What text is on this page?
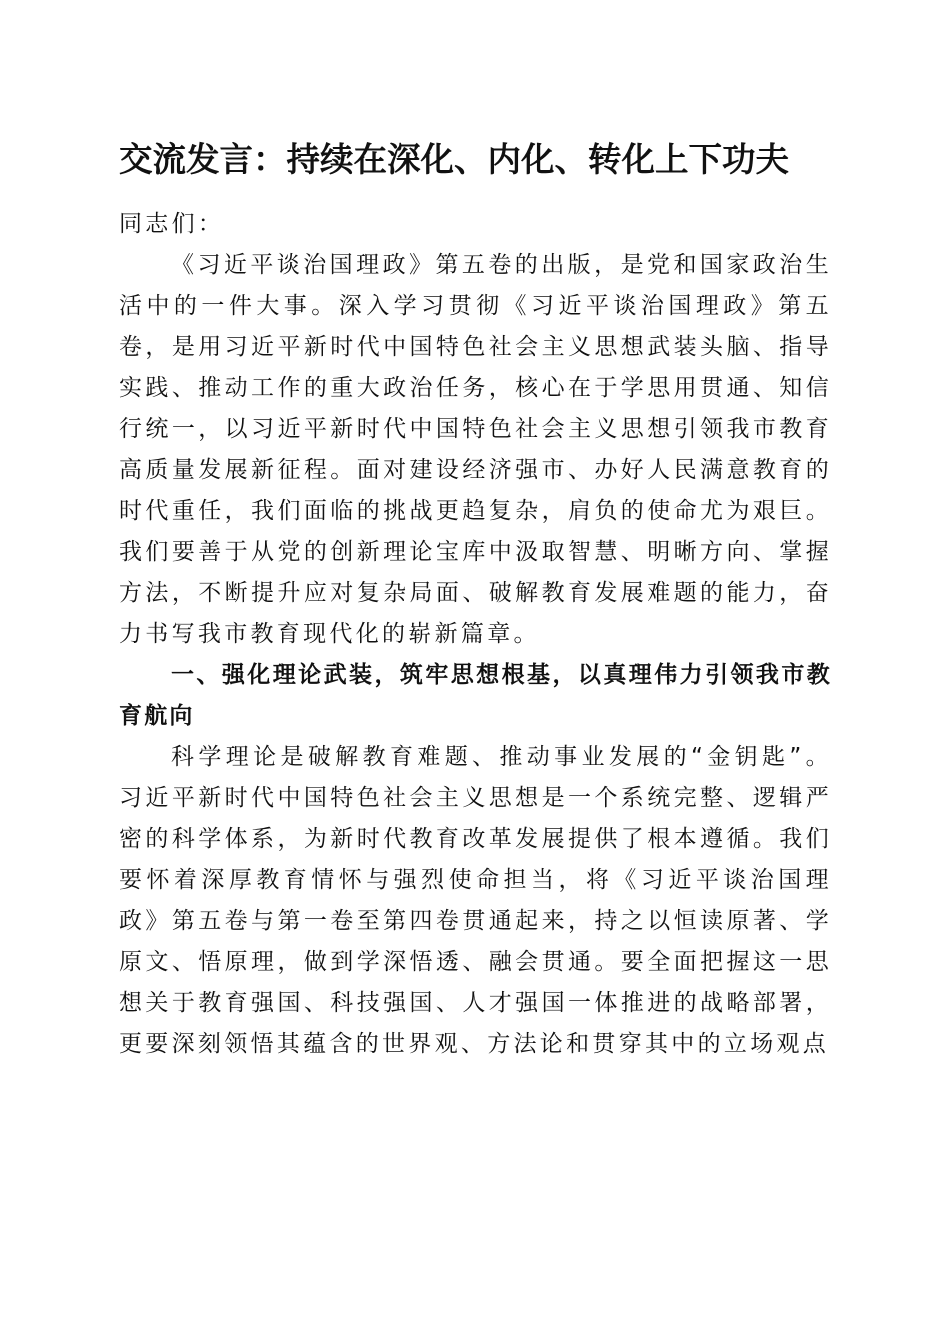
交流发言：持续在深化、内化、转化上下功夫

同志们：

《习近平谈治国理政》第五卷的出版，是党和国家政治生活中的一件大事。深入学习贯彻《习近平谈治国理政》第五卷，是用习近平新时代中国特色社会主义思想武装头脑、指导实践、推动工作的重大政治任务，核心在于学思用贯通、知信行统一，以习近平新时代中国特色社会主义思想引领我市教育高质量发展新征程。面对建设经济强市、办好人民满意教育的时代重任，我们面临的挑战更趋复杂，肩负的使命尤为艰巨。我们要善于从党的创新理论宝库中汲取智慧、明晰方向、掌握方法，不断提升应对复杂局面、破解教育发展难题的能力，奋力书写我市教育现代化的崭新篇章。

一、强化理论武装，筑牢思想根基，以真理伟力引领我市教育航向

科学理论是破解教育难题、推动事业发展的“金钥匙”。习近平新时代中国特色社会主义思想是一个系统完整、逻辑严密的科学体系，为新时代教育改革发展提供了根本遵循。我们要怀着深厚教育情怀与强烈使命担当，将《习近平谈治国理政》第五卷与第一卷至第四卷贯通起来，持之以恒读原著、学原文、悟原理，做到学深悟透、融会贯通。要全面把握这一思想关于教育强国、科技强国、人才强国一体推进的战略部署，更要深刻领悟其蕴含的世界观、方法论和贯穿其中的立场观点
